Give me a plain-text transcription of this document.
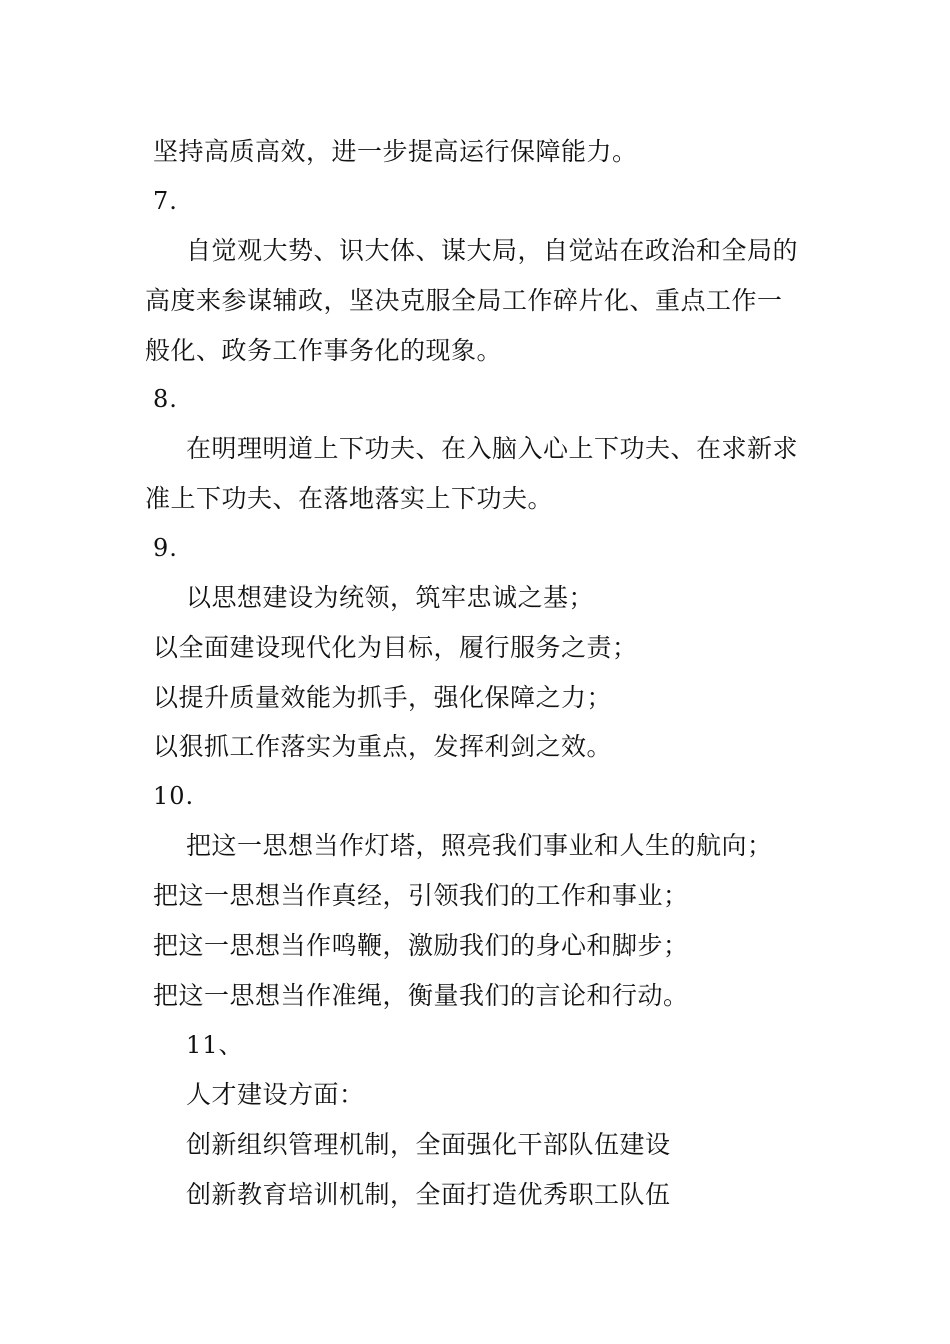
坚持高质高效，进一步提高运行保障能力。
7.
自觉观大势、识大体、谋大局，自觉站在政治和全局的
高度来参谋辅政，坚决克服全局工作碎片化、重点工作一
般化、政务工作事务化的现象。
8.
在明理明道上下功夫、在入脑入心上下功夫、在求新求
准上下功夫、在落地落实上下功夫。
9.
以思想建设为统领，筑牢忠诚之基；
以全面建设现代化为目标，履行服务之责；
以提升质量效能为抓手，强化保障之力；
以狠抓工作落实为重点，发挥利剑之效。
10.
把这一思想当作灯塔，照亮我们事业和人生的航向；
把这一思想当作真经，引领我们的工作和事业；
把这一思想当作鸣鞭，激励我们的身心和脚步；
把这一思想当作准绳，衡量我们的言论和行动。
11、
人才建设方面：
创新组织管理机制，全面强化干部队伍建设
创新教育培训机制，全面打造优秀职工队伍
